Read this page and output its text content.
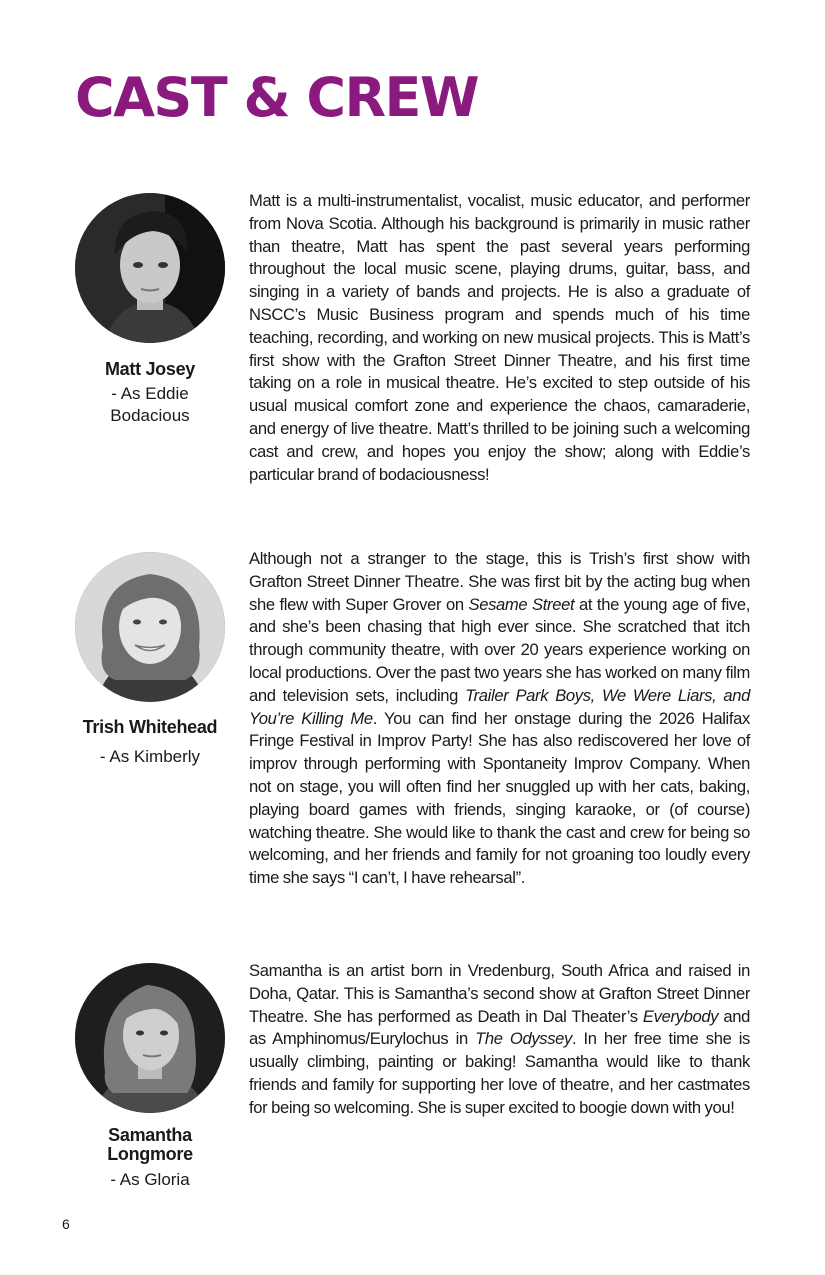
CAST & CREW
Matt Josey
- As Eddie
Bodacious

Matt is a multi-instrumentalist, vocalist, music educator, and performer from Nova Scotia. Although his background is primarily in music rather than theatre, Matt has spent the past several years performing throughout the local music scene, playing drums, guitar, bass, and singing in a variety of bands and projects. He is also a graduate of NSCC’s Music Business program and spends much of his time teaching, recording, and working on new musical projects. This is Matt’s first show with the Grafton Street Dinner Theatre, and his first time taking on a role in musical theatre. He’s excited to step outside of his usual musical comfort zone and experience the chaos, camaraderie, and energy of live theatre. Matt’s thrilled to be joining such a welcoming cast and crew, and hopes you enjoy the show; along with Eddie’s particular brand of bodaciousness!

Trish Whitehead
- As Kimberly

Although not a stranger to the stage, this is Trish’s first show with Grafton Street Dinner Theatre. She was first bit by the acting bug when she flew with Super Grover on Sesame Street at the young age of five, and she’s been chasing that high ever since. She scratched that itch through community theatre, with over 20 years experience working on local productions. Over the past two years she has worked on many film and television sets, including Trailer Park Boys, We Were Liars, and You’re Killing Me. You can find her onstage during the 2026 Halifax Fringe Festival in Improv Party! She has also rediscovered her love of improv through performing with Spontaneity Improv Company. When not on stage, you will often find her snuggled up with her cats, baking, playing board games with friends, singing karaoke, or (of course) watching theatre. She would like to thank the cast and crew for being so welcoming, and her friends and family for not groaning too loudly every time she says “I can’t, I have rehearsal”.

Samantha
Longmore
- As Gloria

Samantha is an artist born in Vredenburg, South Africa and raised in Doha, Qatar. This is Samantha’s second show at Grafton Street Dinner Theatre. She has performed as Death in Dal Theater’s Everybody and as Amphinomus/Eurylochus in The Odyssey. In her free time she is usually climbing, painting or baking! Samantha would like to thank friends and family for supporting her love of theatre, and her castmates for being so welcoming. She is super excited to boogie down with you!

6
